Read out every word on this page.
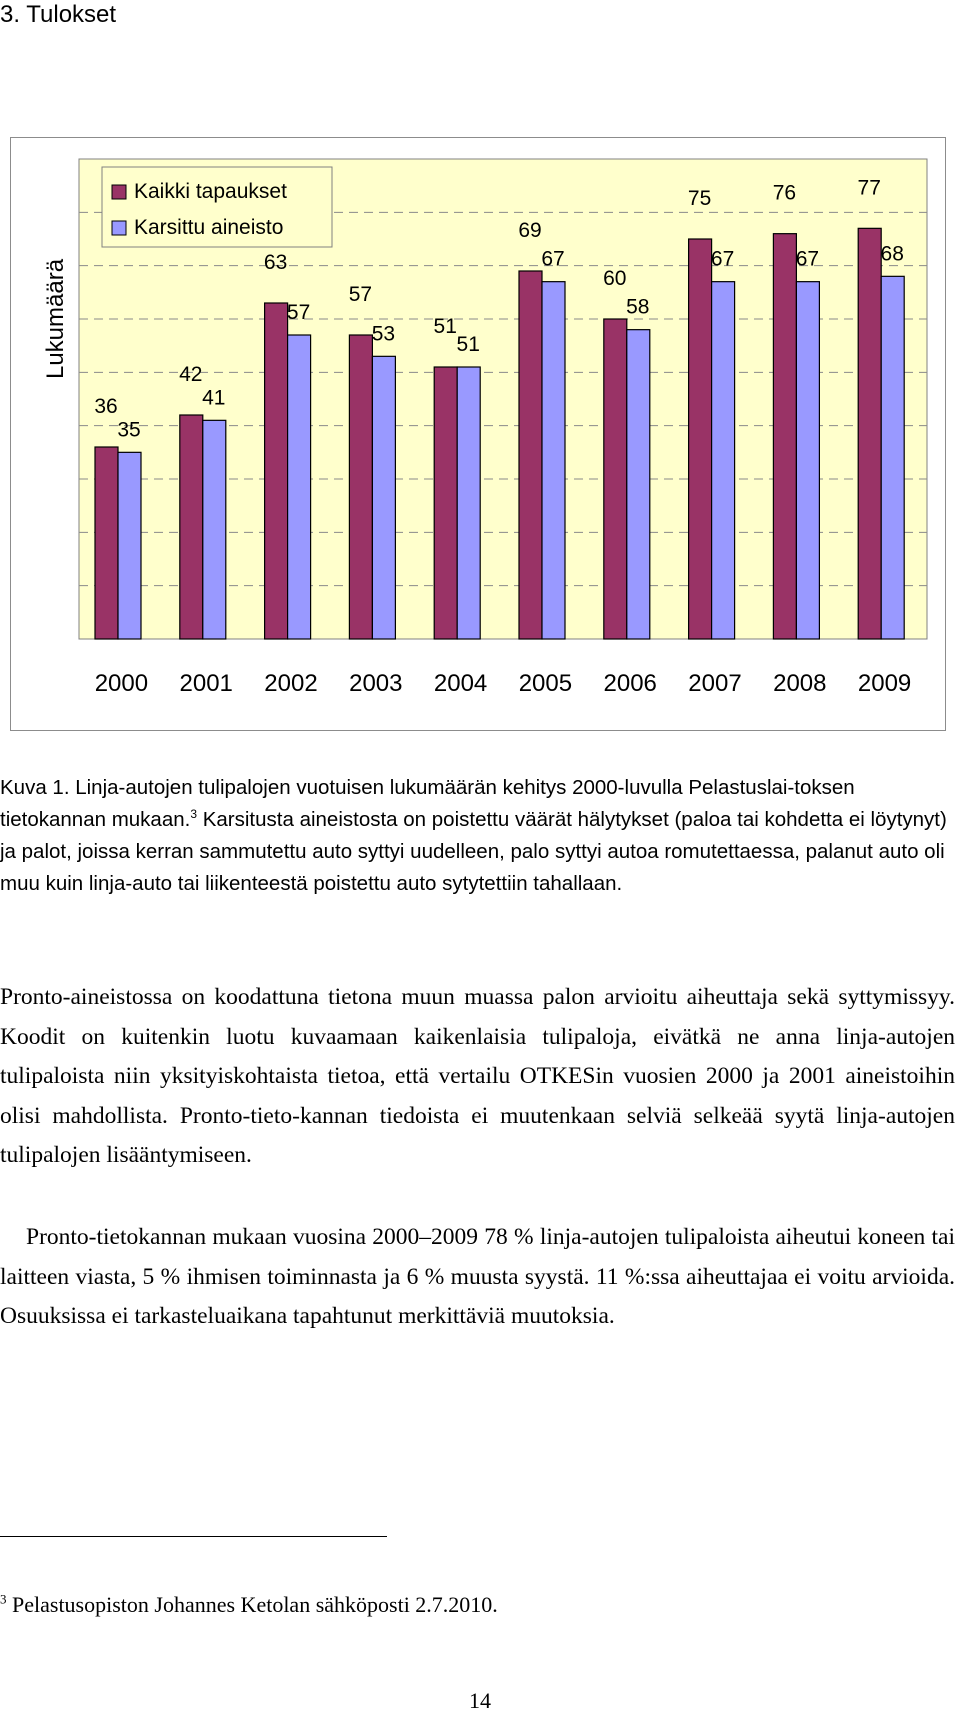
3. Tulokset
Lukumäärä
36
35
2000
42
41
2001
63
57
2002
57
53
2003
51
51
2004
69
67
2005
60
58
2006
75
67
2007
76
67
2008
77
68
2009
Kaikki tapaukset
Karsittu aineisto
Kuva 1. Linja-autojen tulipalojen vuotuisen lukumäärän kehitys 2000-luvulla Pelastuslai-toksen tietokannan mukaan.$^3$ Karsitusta aineistosta on poistettu väärät hälytykset (paloa tai kohdetta ei löytynyt) ja palot, joissa kerran sammutettu auto syttyi uudelleen, palo syttyi autoa romutettaessa, palanut auto oli muu kuin linja-auto tai liikenteestä poistettu auto sytytettiin tahallaan.

Pronto-aineistossa on koodattuna tietona muun muassa palon arvioitu aiheuttaja sekä syttymissyy. Koodit on kuitenkin luotu kuvaamaan kaikenlaisia tulipaloja, eivätkä ne anna linja-autojen tulipaloista niin yksityiskohtaista tietoa, että vertailu OTKESin vuosien 2000 ja 2001 aineistoihin olisi mahdollista. Pronto-tieto-kannan tiedoista ei muutenkaan selviä selkeää syytä linja-autojen tulipalojen lisääntymiseen.

Pronto-tietokannan mukaan vuosina 2000–2009 78 % linja-autojen tulipaloista aiheutui koneen tai laitteen viasta, 5 % ihmisen toiminnasta ja 6 % muusta syystä. 11 %:ssa aiheuttajaa ei voitu arvioida. Osuuksissa ei tarkasteluaikana tapahtunut merkittäviä muutoksia.

$^3$ Pelastusopiston Johannes Ketolan sähköposti 2.7.2010.
14
